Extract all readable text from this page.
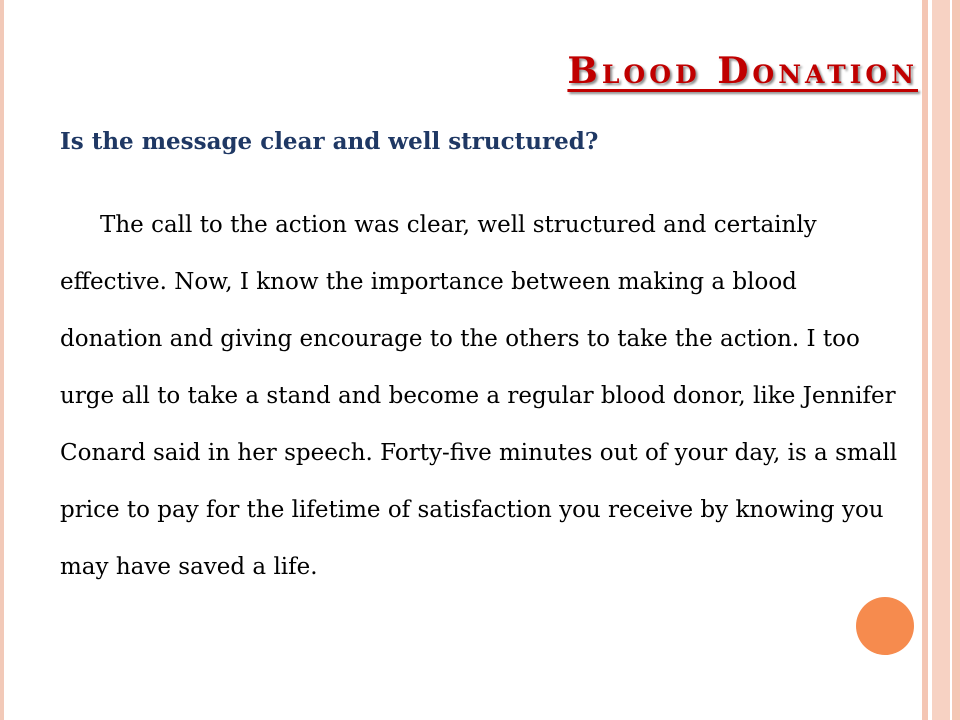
Blood Donation

Is the message clear and well structured?

The call to the action was clear, well structured and certainly effective. Now, I know the importance between making a blood donation and giving encourage to the others to take the action. I too urge all to take a stand and become a regular blood donor, like Jennifer Conard said in her speech. Forty-five minutes out of your day, is a small price to pay for the lifetime of satisfaction you receive by knowing you may have saved a life.
